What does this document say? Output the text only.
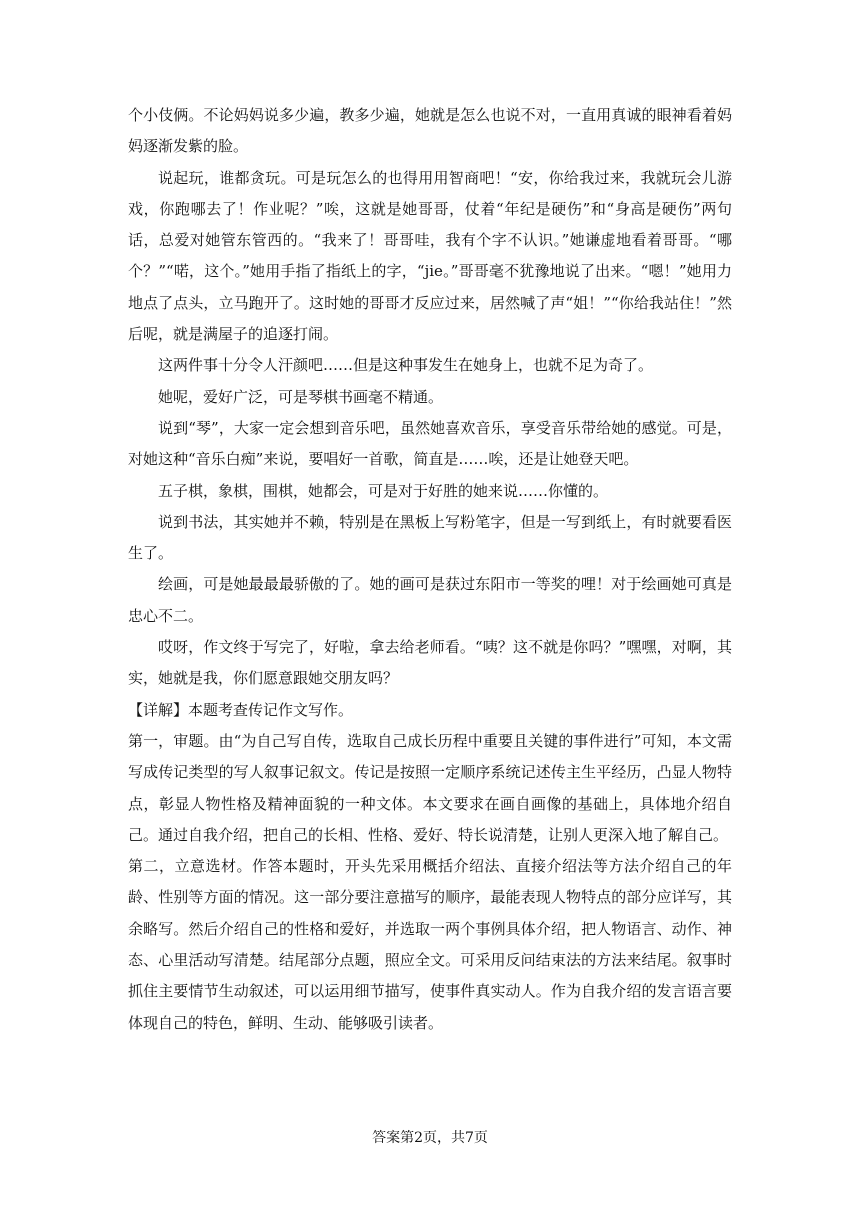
个小伎俩。不论妈妈说多少遍，教多少遍，她就是怎么也说不对，一直用真诚的眼神看着妈妈逐渐发紫的脸。

说起玩，谁都贪玩。可是玩怎么的也得用用智商吧！“安，你给我过来，我就玩会儿游戏，你跑哪去了！作业呢？”唉，这就是她哥哥，仗着“年纪是硬伤”和“身高是硬伤”两句话，总爱对她管东管西的。“我来了！哥哥哇，我有个字不认识。”她谦虚地看着哥哥。“哪个？”“喏，这个。”她用手指了指纸上的字，“jie。”哥哥毫不犹豫地说了出来。“嗯！”她用力地点了点头，立马跑开了。这时她的哥哥才反应过来，居然喊了声“姐！”“你给我站住！”然后呢，就是满屋子的追逐打闹。

这两件事十分令人汗颜吧……但是这种事发生在她身上，也就不足为奇了。

她呢，爱好广泛，可是琴棋书画毫不精通。

说到“琴”，大家一定会想到音乐吧，虽然她喜欢音乐，享受音乐带给她的感觉。可是，对她这种“音乐白痴”来说，要唱好一首歌，简直是……唉，还是让她登天吧。

五子棋，象棋，围棋，她都会，可是对于好胜的她来说……你懂的。

说到书法，其实她并不赖，特别是在黑板上写粉笔字，但是一写到纸上，有时就要看医生了。

绘画，可是她最最最骄傲的了。她的画可是获过东阳市一等奖的哩！对于绘画她可真是忠心不二。

哎呀，作文终于写完了，好啦，拿去给老师看。“咦？这不就是你吗？”嘿嘿，对啊，其实，她就是我，你们愿意跟她交朋友吗？

【详解】本题考查传记作文写作。

第一，审题。由“为自己写自传，选取自己成长历程中重要且关键的事件进行”可知，本文需写成传记类型的写人叙事记叙文。传记是按照一定顺序系统记述传主生平经历，凸显人物特点，彰显人物性格及精神面貌的一种文体。本文要求在画自画像的基础上，具体地介绍自己。通过自我介绍，把自己的长相、性格、爱好、特长说清楚，让别人更深入地了解自己。

第二，立意选材。作答本题时，开头先采用概括介绍法、直接介绍法等方法介绍自己的年龄、性别等方面的情况。这一部分要注意描写的顺序，最能表现人物特点的部分应详写，其余略写。然后介绍自己的性格和爱好，并选取一两个事例具体介绍，把人物语言、动作、神态、心里活动写清楚。结尾部分点题，照应全文。可采用反问结束法的方法来结尾。叙事时抓住主要情节生动叙述，可以运用细节描写，使事件真实动人。作为自我介绍的发言语言要体现自己的特色，鲜明、生动、能够吸引读者。

答案第2页，共7页
